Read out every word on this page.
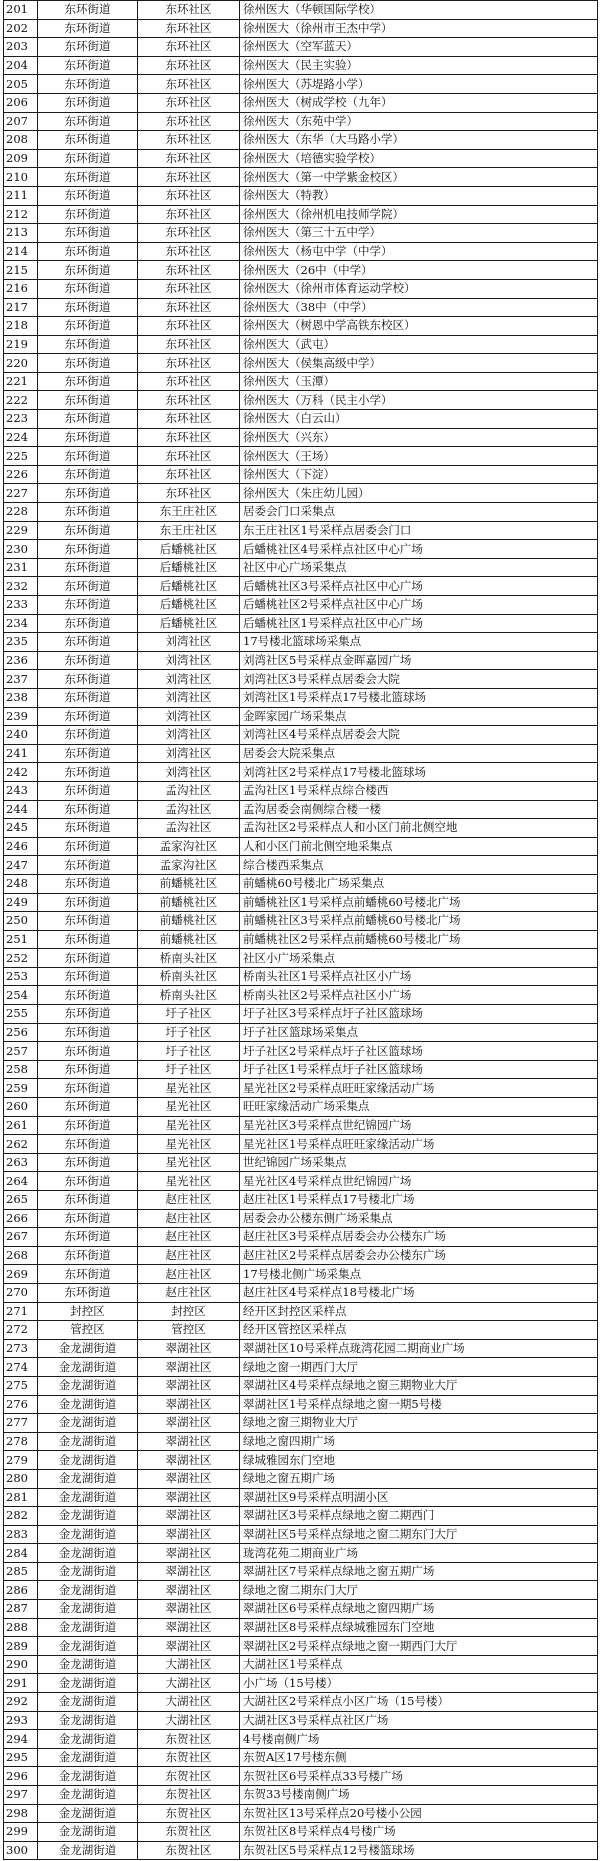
201	东环街道	东环社区	徐州医大（华顿国际学校）
202	东环街道	东环社区	徐州医大（徐州市王杰中学）
203	东环街道	东环社区	徐州医大（空军蓝天）
204	东环街道	东环社区	徐州医大（民主实验）
205	东环街道	东环社区	徐州医大（苏堤路小学）
206	东环街道	东环社区	徐州医大（树成学校（九年）
207	东环街道	东环社区	徐州医大（东苑中学）
208	东环街道	东环社区	徐州医大（东华（大马路小学）
209	东环街道	东环社区	徐州医大（培德实验学校）
210	东环街道	东环社区	徐州医大（第一中学紫金校区）
211	东环街道	东环社区	徐州医大（特教）
212	东环街道	东环社区	徐州医大（徐州机电技师学院）
213	东环街道	东环社区	徐州医大（第三十五中学）
214	东环街道	东环社区	徐州医大（杨屯中学（中学）
215	东环街道	东环社区	徐州医大（26中（中学）
216	东环街道	东环社区	徐州医大（徐州市体育运动学校）
217	东环街道	东环社区	徐州医大（38中（中学）
218	东环街道	东环社区	徐州医大（树恩中学高铁东校区）
219	东环街道	东环社区	徐州医大（武屯）
220	东环街道	东环社区	徐州医大（侯集高级中学）
221	东环街道	东环社区	徐州医大（玉潭）
222	东环街道	东环社区	徐州医大（万科（民主小学）
223	东环街道	东环社区	徐州医大（白云山）
224	东环街道	东环社区	徐州医大（兴东）
225	东环街道	东环社区	徐州医大（王场）
226	东环街道	东环社区	徐州医大（下淀）
227	东环街道	东环社区	徐州医大（朱庄幼儿园）
228	东环街道	东王庄社区	居委会门口采集点
229	东环街道	东王庄社区	东王庄社区1号采样点居委会门口
230	东环街道	后蟠桃社区	后蟠桃社区4号采样点社区中心广场
231	东环街道	后蟠桃社区	社区中心广场采集点
232	东环街道	后蟠桃社区	后蟠桃社区3号采样点社区中心广场
233	东环街道	后蟠桃社区	后蟠桃社区2号采样点社区中心广场
234	东环街道	后蟠桃社区	后蟠桃社区1号采样点社区中心广场
235	东环街道	刘湾社区	17号楼北篮球场采集点
236	东环街道	刘湾社区	刘湾社区5号采样点金晖嘉园广场
237	东环街道	刘湾社区	刘湾社区3号采样点居委会大院
238	东环街道	刘湾社区	刘湾社区1号采样点17号楼北篮球场
239	东环街道	刘湾社区	金晖家园广场采集点
240	东环街道	刘湾社区	刘湾社区4号采样点居委会大院
241	东环街道	刘湾社区	居委会大院采集点
242	东环街道	刘湾社区	刘湾社区2号采样点17号楼北篮球场
243	东环街道	孟沟社区	孟沟社区1号采样点综合楼西
244	东环街道	孟沟社区	孟沟居委会南侧综合楼一楼
245	东环街道	孟沟社区	孟沟社区2号采样点人和小区门前北侧空地
246	东环街道	孟家沟社区	人和小区门前北侧空地采集点
247	东环街道	孟家沟社区	综合楼西采集点
248	东环街道	前蟠桃社区	前蟠桃60号楼北广场采集点
249	东环街道	前蟠桃社区	前蟠桃社区1号采样点前蟠桃60号楼北广场
250	东环街道	前蟠桃社区	前蟠桃社区3号采样点前蟠桃60号楼北广场
251	东环街道	前蟠桃社区	前蟠桃社区2号采样点前蟠桃60号楼北广场
252	东环街道	桥南头社区	社区小广场采集点
253	东环街道	桥南头社区	桥南头社区1号采样点社区小广场
254	东环街道	桥南头社区	桥南头社区2号采样点社区小广场
255	东环街道	圩子社区	圩子社区3号采样点圩子社区篮球场
256	东环街道	圩子社区	圩子社区篮球场采集点
257	东环街道	圩子社区	圩子社区2号采样点圩子社区篮球场
258	东环街道	圩子社区	圩子社区1号采样点圩子社区篮球场
259	东环街道	星光社区	星光社区2号采样点旺旺家缘活动广场
260	东环街道	星光社区	旺旺家缘活动广场采集点
261	东环街道	星光社区	星光社区3号采样点世纪锦园广场
262	东环街道	星光社区	星光社区1号采样点旺旺家缘活动广场
263	东环街道	星光社区	世纪锦园广场采集点
264	东环街道	星光社区	星光社区4号采样点世纪锦园广场
265	东环街道	赵庄社区	赵庄社区1号采样点17号楼北广场
266	东环街道	赵庄社区	居委会办公楼东侧广场采集点
267	东环街道	赵庄社区	赵庄社区3号采样点居委会办公楼东广场
268	东环街道	赵庄社区	赵庄社区2号采样点居委会办公楼东广场
269	东环街道	赵庄社区	17号楼北侧广场采集点
270	东环街道	赵庄社区	赵庄社区4号采样点18号楼北广场
271	封控区	封控区	经开区封控区采样点
272	管控区	管控区	经开区管控区采样点
273	金龙湖街道	翠湖社区	翠湖社区10号采样点珑湾花园二期商业广场
274	金龙湖街道	翠湖社区	绿地之窗一期西门大厅
275	金龙湖街道	翠湖社区	翠湖社区4号采样点绿地之窗三期物业大厅
276	金龙湖街道	翠湖社区	翠湖社区1号采样点绿地之窗一期5号楼
277	金龙湖街道	翠湖社区	绿地之窗三期物业大厅
278	金龙湖街道	翠湖社区	绿地之窗四期广场
279	金龙湖街道	翠湖社区	绿城雅园东门空地
280	金龙湖街道	翠湖社区	绿地之窗五期广场
281	金龙湖街道	翠湖社区	翠湖社区9号采样点明湖小区
282	金龙湖街道	翠湖社区	翠湖社区3号采样点绿地之窗二期西门
283	金龙湖街道	翠湖社区	翠湖社区5号采样点绿地之窗二期东门大厅
284	金龙湖街道	翠湖社区	珑湾花苑二期商业广场
285	金龙湖街道	翠湖社区	翠湖社区7号采样点绿地之窗五期广场
286	金龙湖街道	翠湖社区	绿地之窗二期东门大厅
287	金龙湖街道	翠湖社区	翠湖社区6号采样点绿地之窗四期广场
288	金龙湖街道	翠湖社区	翠湖社区8号采样点绿城雅园东门空地
289	金龙湖街道	翠湖社区	翠湖社区2号采样点绿地之窗一期西门大厅
290	金龙湖街道	大湖社区	大湖社区1号采样点
291	金龙湖街道	大湖社区	小广场（15号楼）
292	金龙湖街道	大湖社区	大湖社区2号采样点小区广场（15号楼）
293	金龙湖街道	大湖社区	大湖社区3号采样点社区广场
294	金龙湖街道	东贺社区	4号楼南侧广场
295	金龙湖街道	东贺社区	东贺A区17号楼东侧
296	金龙湖街道	东贺社区	东贺社区6号采样点33号楼广场
297	金龙湖街道	东贺社区	东贺33号楼南侧广场
298	金龙湖街道	东贺社区	东贺社区13号采样点20号楼小公园
299	金龙湖街道	东贺社区	东贺社区8号采样点4号楼广场
300	金龙湖街道	东贺社区	东贺社区5号采样点12号楼篮球场
